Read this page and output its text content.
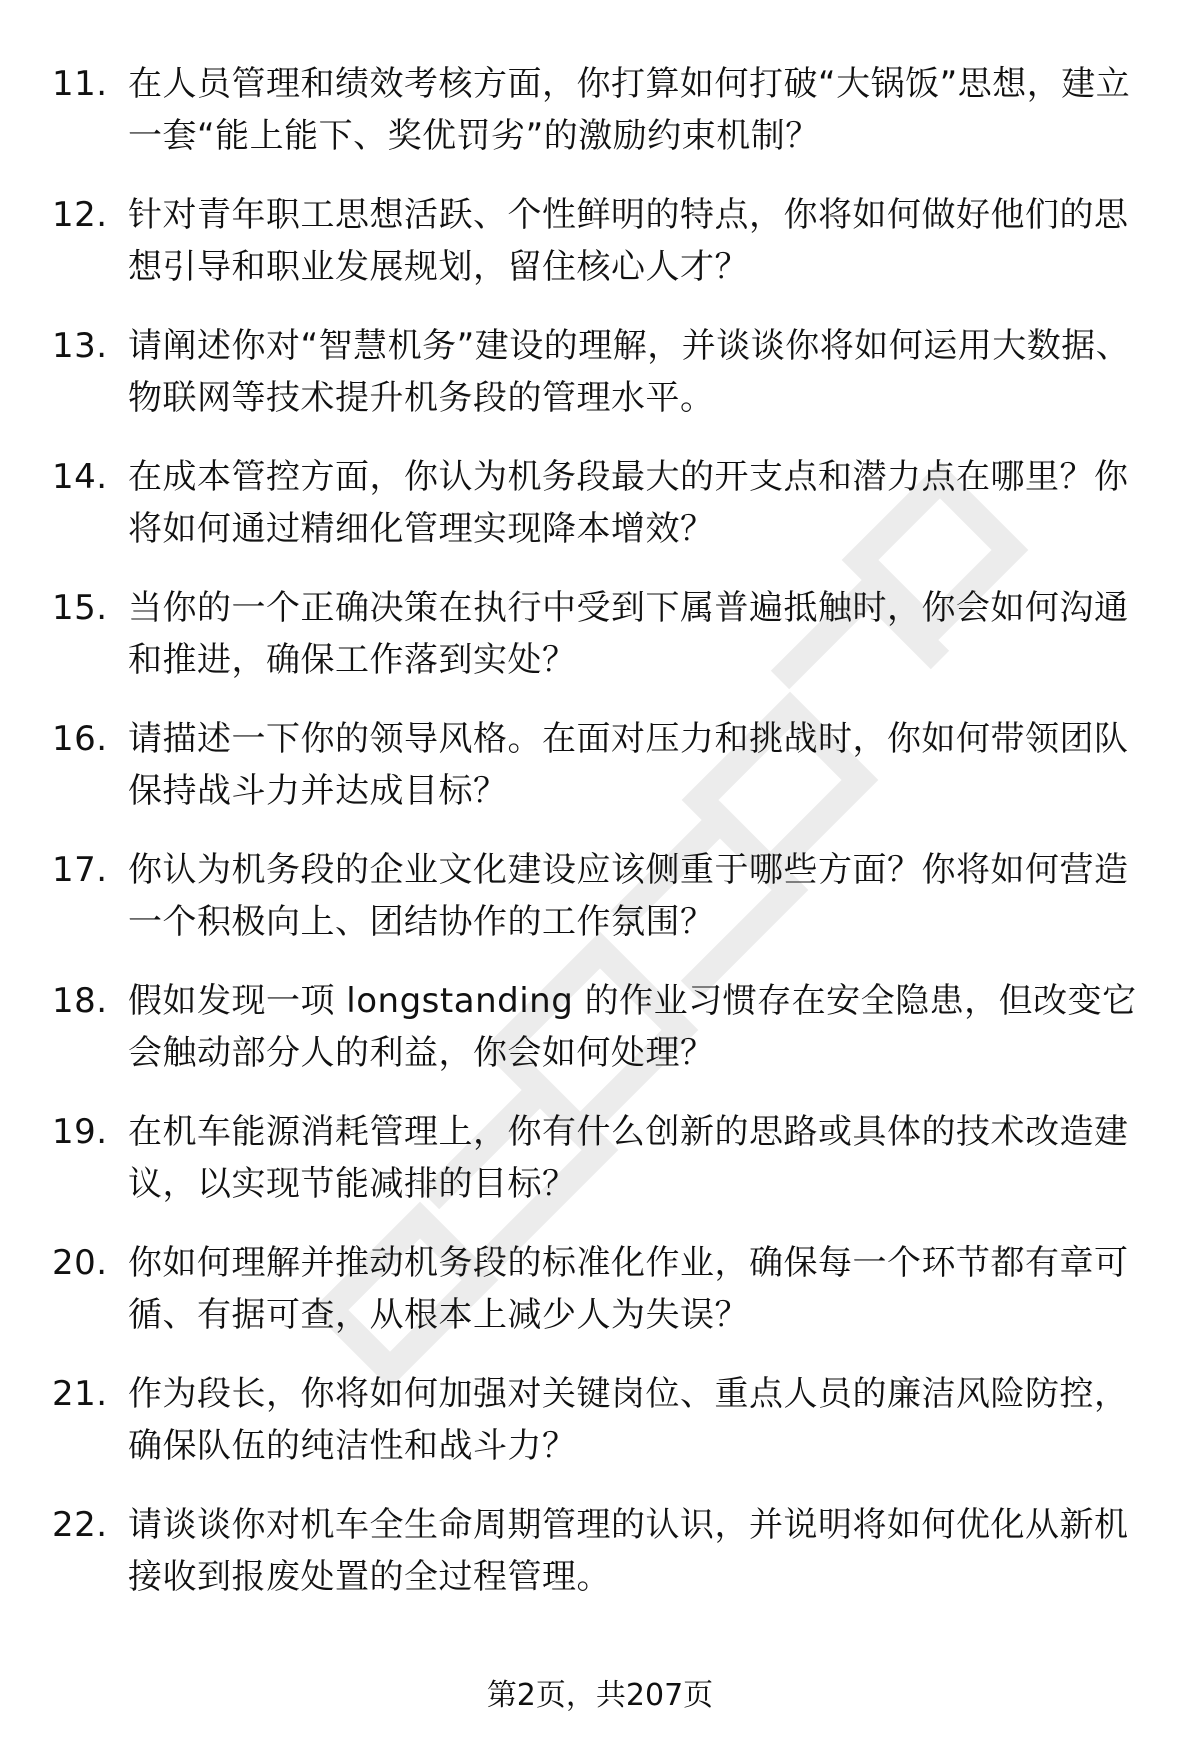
11. 在人员管理和绩效考核方面，你打算如何打破“大锅饭”思想，建立一套“能上能下、奖优罚劣”的激励约束机制？
12. 针对青年职工思想活跃、个性鲜明的特点，你将如何做好他们的思想引导和职业发展规划，留住核心人才？
13. 请阐述你对“智慧机务”建设的理解，并谈谈你将如何运用大数据、物联网等技术提升机务段的管理水平。
14. 在成本管控方面，你认为机务段最大的开支点和潜力点在哪里？你将如何通过精细化管理实现降本增效？
15. 当你的一个正确决策在执行中受到下属普遍抵触时，你会如何沟通和推进，确保工作落到实处？
16. 请描述一下你的领导风格。在面对压力和挑战时，你如何带领团队保持战斗力并达成目标？
17. 你认为机务段的企业文化建设应该侧重于哪些方面？你将如何营造一个积极向上、团结协作的工作氛围？
18. 假如发现一项 longstanding 的作业习惯存在安全隐患，但改变它会触动部分人的利益，你会如何处理？
19. 在机车能源消耗管理上，你有什么创新的思路或具体的技术改造建议，以实现节能减排的目标？
20. 你如何理解并推动机务段的标准化作业，确保每一个环节都有章可循、有据可查，从根本上减少人为失误？
21. 作为段长，你将如何加强对关键岗位、重点人员的廉洁风险防控，确保队伍的纯洁性和战斗力？
22. 请谈谈你对机车全生命周期管理的认识，并说明将如何优化从新机接收到报废处置的全过程管理。
第2页，共207页
